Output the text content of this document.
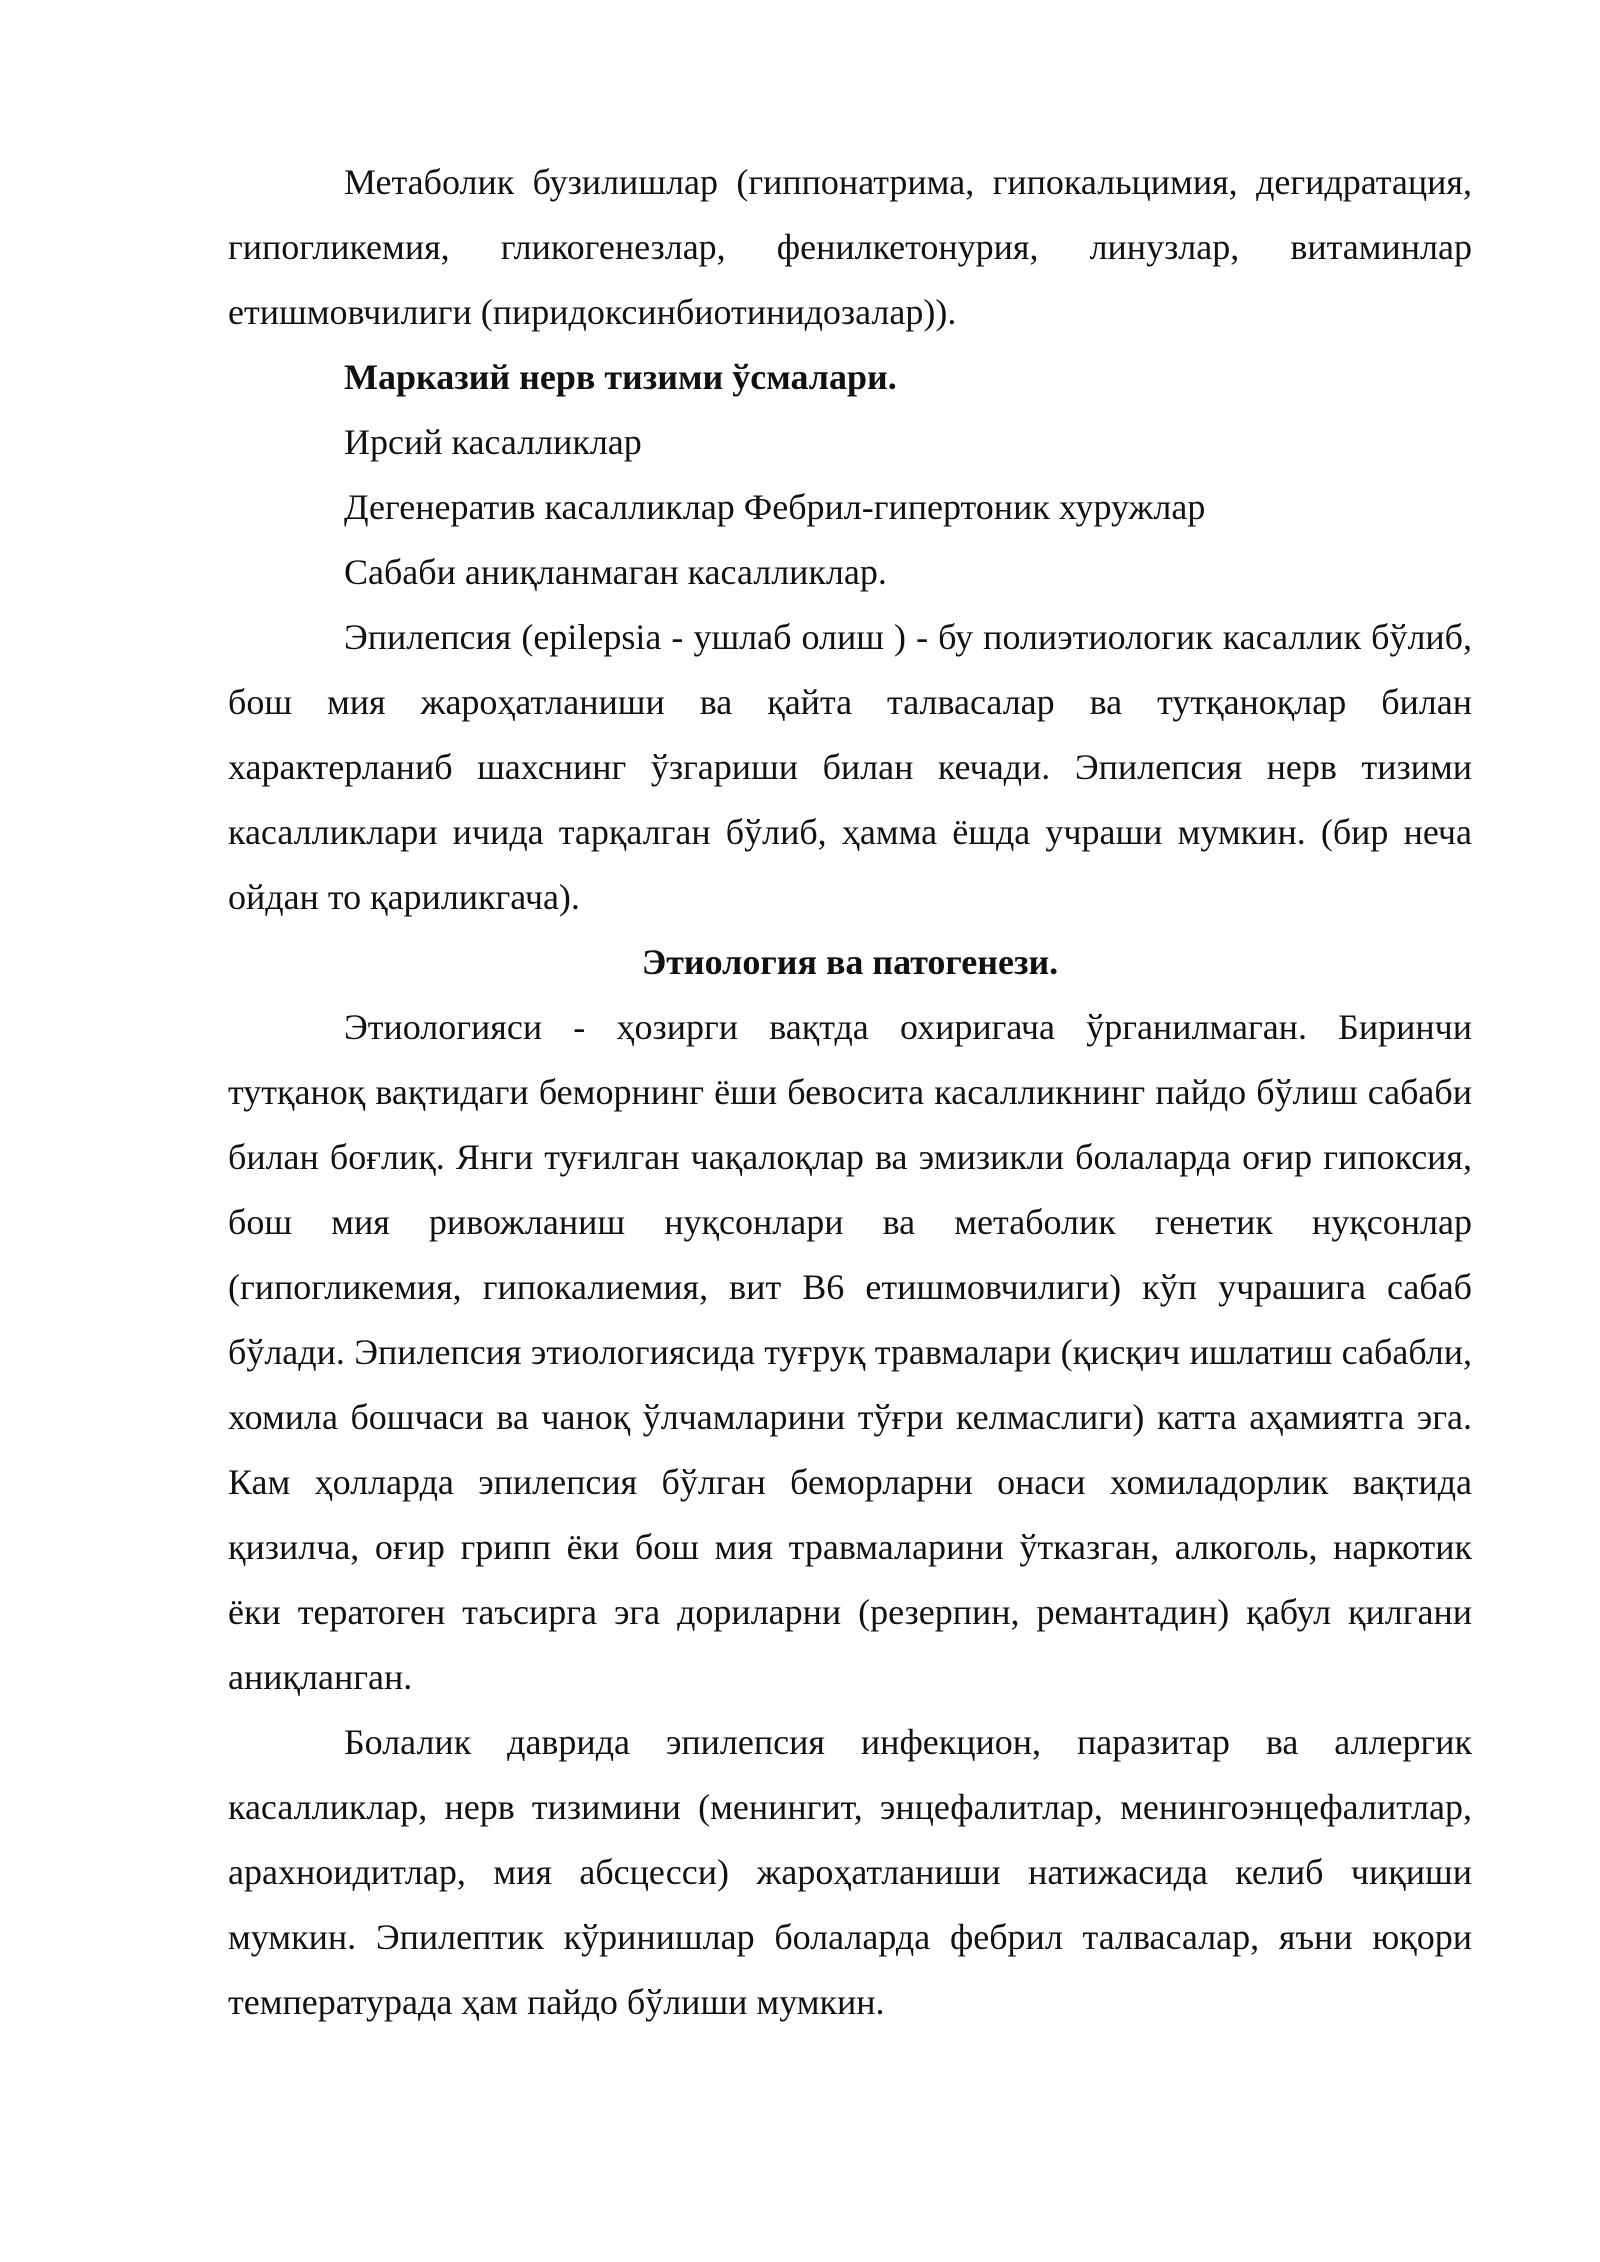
Метаболик бузилишлар (гиппонатрима, гипокальцимия, дегидратация, гипогликемия, гликогенезлар, фенилкетонурия, линузлар, витаминлар етишмовчилиги (пиридоксинбиотинидозалар)).

Марказий нерв тизими ўсмалари.

Ирсий касалликлар

Дегенератив касалликлар Фебрил-гипертоник хуружлар

Сабаби аниқланмаган касалликлар.

Эпилепсия (epilepsia - ушлаб олиш ) - бу полиэтиологик касаллик бўлиб, бош мия жароҳатланиши ва қайта талвасалар ва тутқаноқлар билан характерланиб шахснинг ўзгариши билан кечади. Эпилепсия нерв тизими касалликлари ичида тарқалган бўлиб, ҳамма ёшда учраши мумкин. (бир неча ойдан то қариликгача).

Этиология ва патогенези.

Этиологияси - ҳозирги вақтда охиригача ўрганилмаган. Биринчи тутқаноқ вақтидаги беморнинг ёши бевосита касалликнинг пайдо бўлиш сабаби билан боғлиқ. Янги туғилган чақалоқлар ва эмизикли болаларда оғир гипоксия, бош мия ривожланиш нуқсонлари ва метаболик генетик нуқсонлар (гипогликемия, гипокалиемия, вит В6 етишмовчилиги) кўп учрашига сабаб бўлади. Эпилепсия этиологиясида туғруқ травмалари (қисқич ишлатиш сабабли, хомила бошчаси ва чаноқ ўлчамларини тўғри келмаслиги) катта аҳамиятга эга. Кам ҳолларда эпилепсия бўлган беморларни онаси хомиладорлик вақтида қизилча, оғир грипп ёки бош мия травмаларини ўтказган, алкоголь, наркотик ёки тератоген таъсирга эга дориларни (резерпин, ремантадин) қабул қилгани аниқланган.

Болалик даврида эпилепсия инфекцион, паразитар ва аллергик касалликлар, нерв тизимини (менингит, энцефалитлар, менингоэнцефалитлар, арахноидитлар, мия абсцесси) жароҳатланиши натижасида келиб чиқиши мумкин. Эпилептик кўринишлар болаларда фебрил талвасалар, яъни юқори температурада ҳам пайдо бўлиши мумкин.
